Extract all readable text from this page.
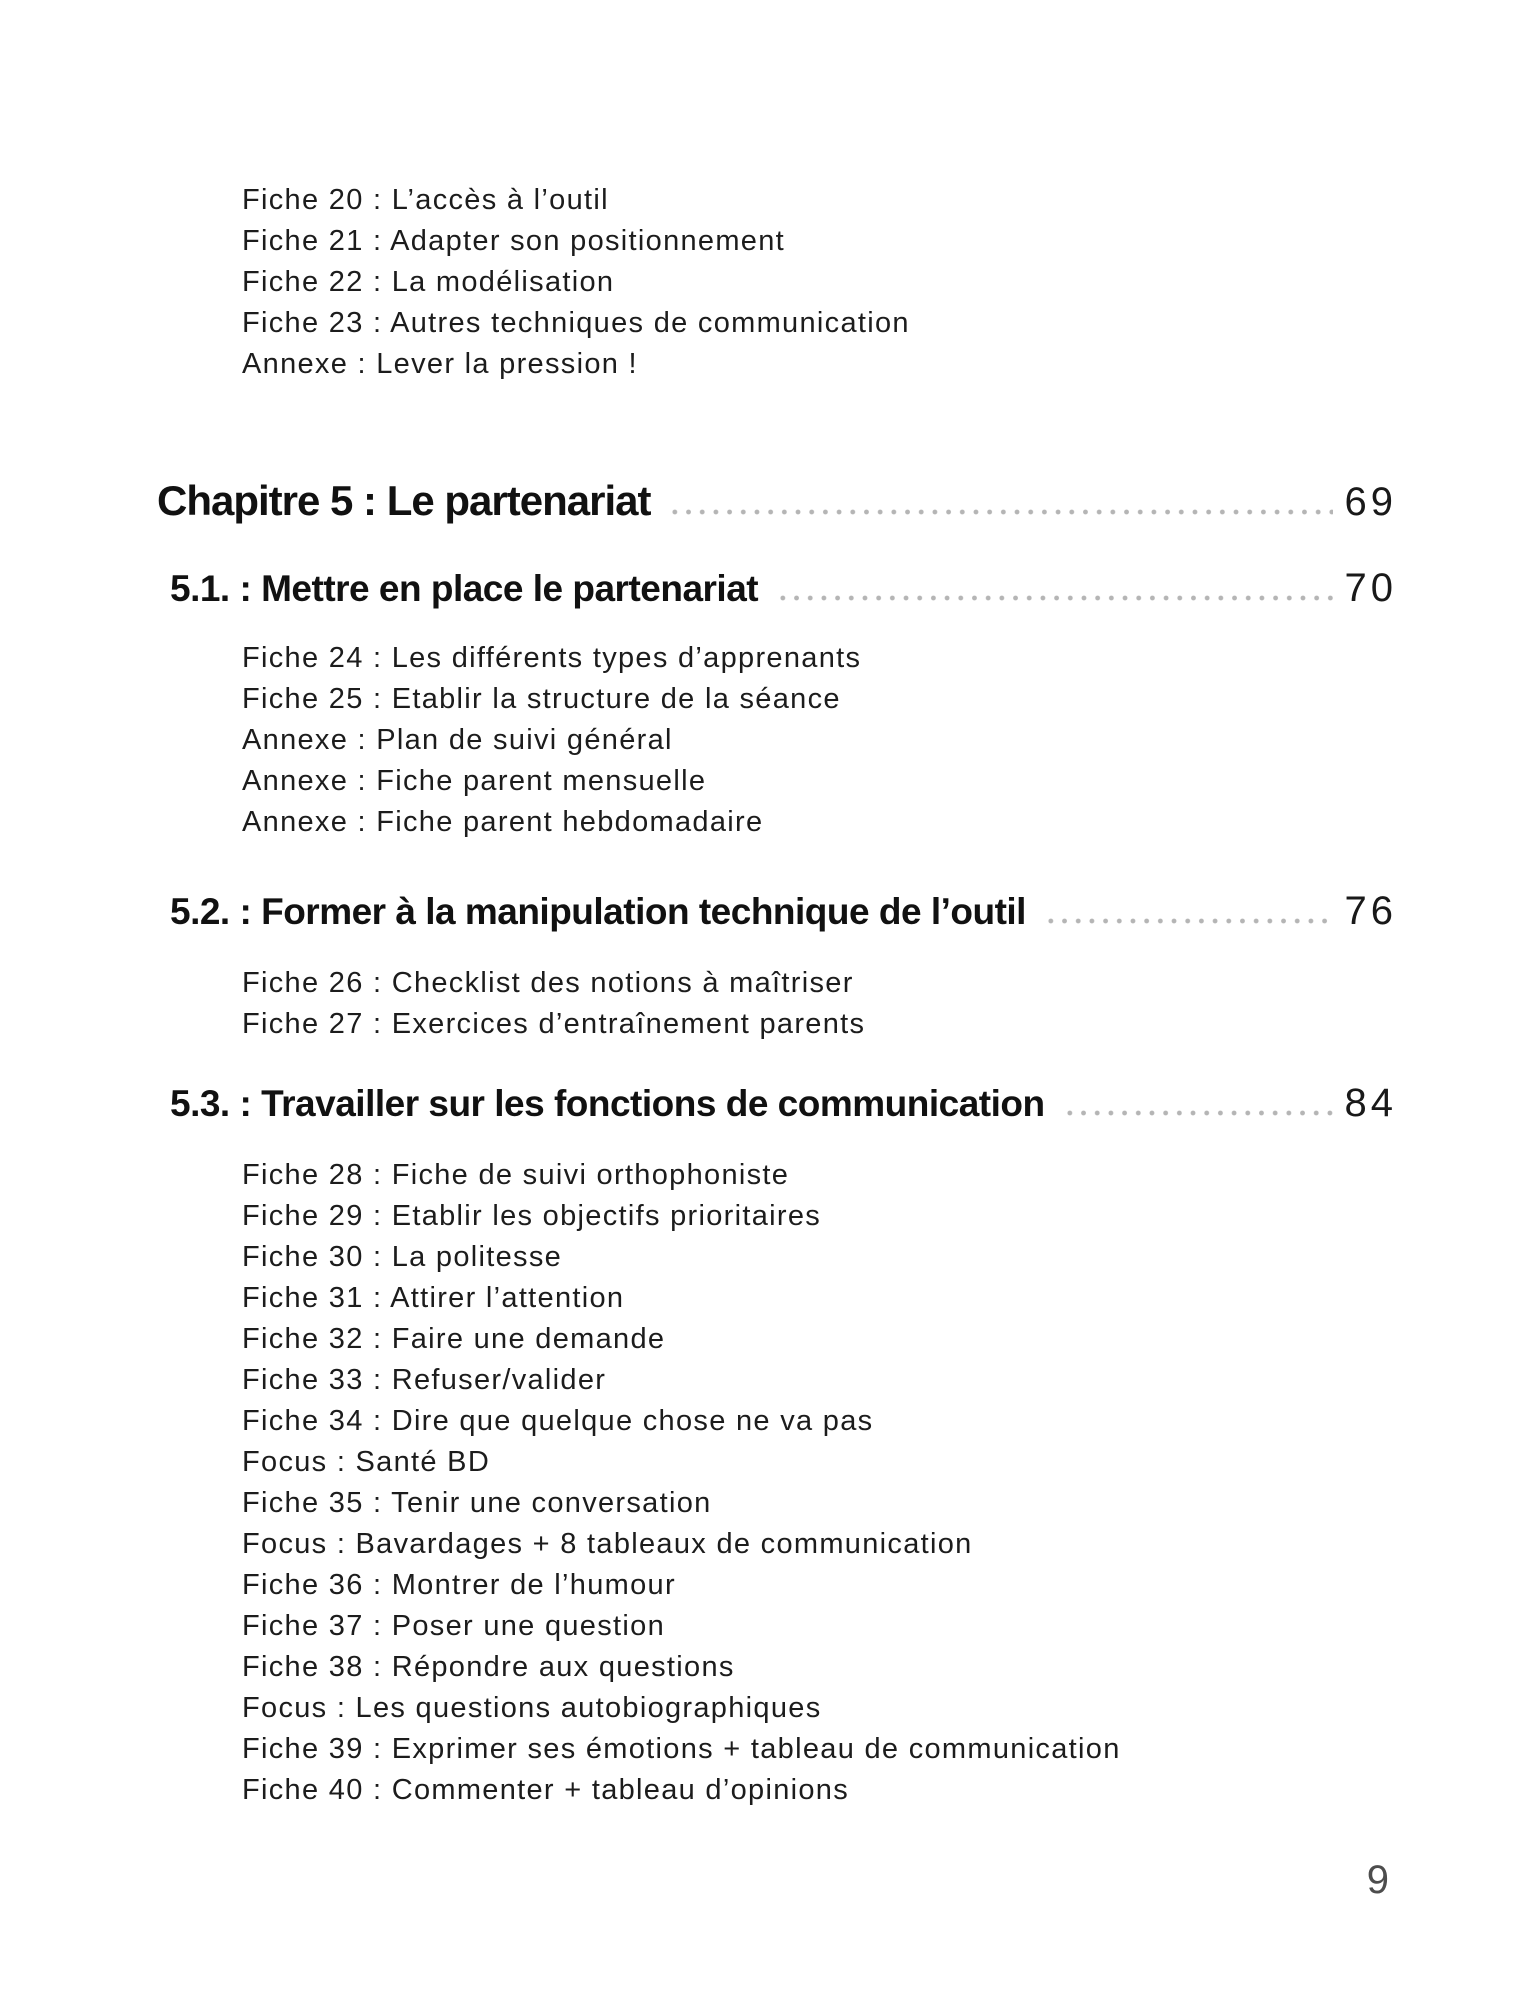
Fiche 20 : L’accès à l’outil
Fiche 21 : Adapter son positionnement
Fiche 22 : La modélisation
Fiche 23 : Autres techniques de communication
Annexe : Lever la pression !
Chapitre 5 : Le partenariat	69
5.1. : Mettre en place le partenariat	70
Fiche 24 : Les différents types d’apprenants
Fiche 25 : Etablir la structure de la séance
Annexe : Plan de suivi général
Annexe : Fiche parent mensuelle
Annexe : Fiche parent hebdomadaire
5.2. : Former à la manipulation technique de l’outil	76
Fiche 26 : Checklist des notions à maîtriser
Fiche 27 : Exercices d’entraînement parents
5.3. : Travailler sur les fonctions de communication	84
Fiche 28 : Fiche de suivi orthophoniste
Fiche 29 : Etablir les objectifs prioritaires
Fiche 30 : La politesse
Fiche 31 : Attirer l’attention
Fiche 32 : Faire une demande
Fiche 33 : Refuser/valider
Fiche 34 : Dire que quelque chose ne va pas
Focus : Santé BD
Fiche 35 : Tenir une conversation
Focus : Bavardages + 8 tableaux de communication
Fiche 36 : Montrer de l’humour
Fiche 37 : Poser une question
Fiche 38 : Répondre aux questions
Focus : Les questions autobiographiques
Fiche 39 : Exprimer ses émotions + tableau de communication
Fiche 40 : Commenter + tableau d’opinions
9
